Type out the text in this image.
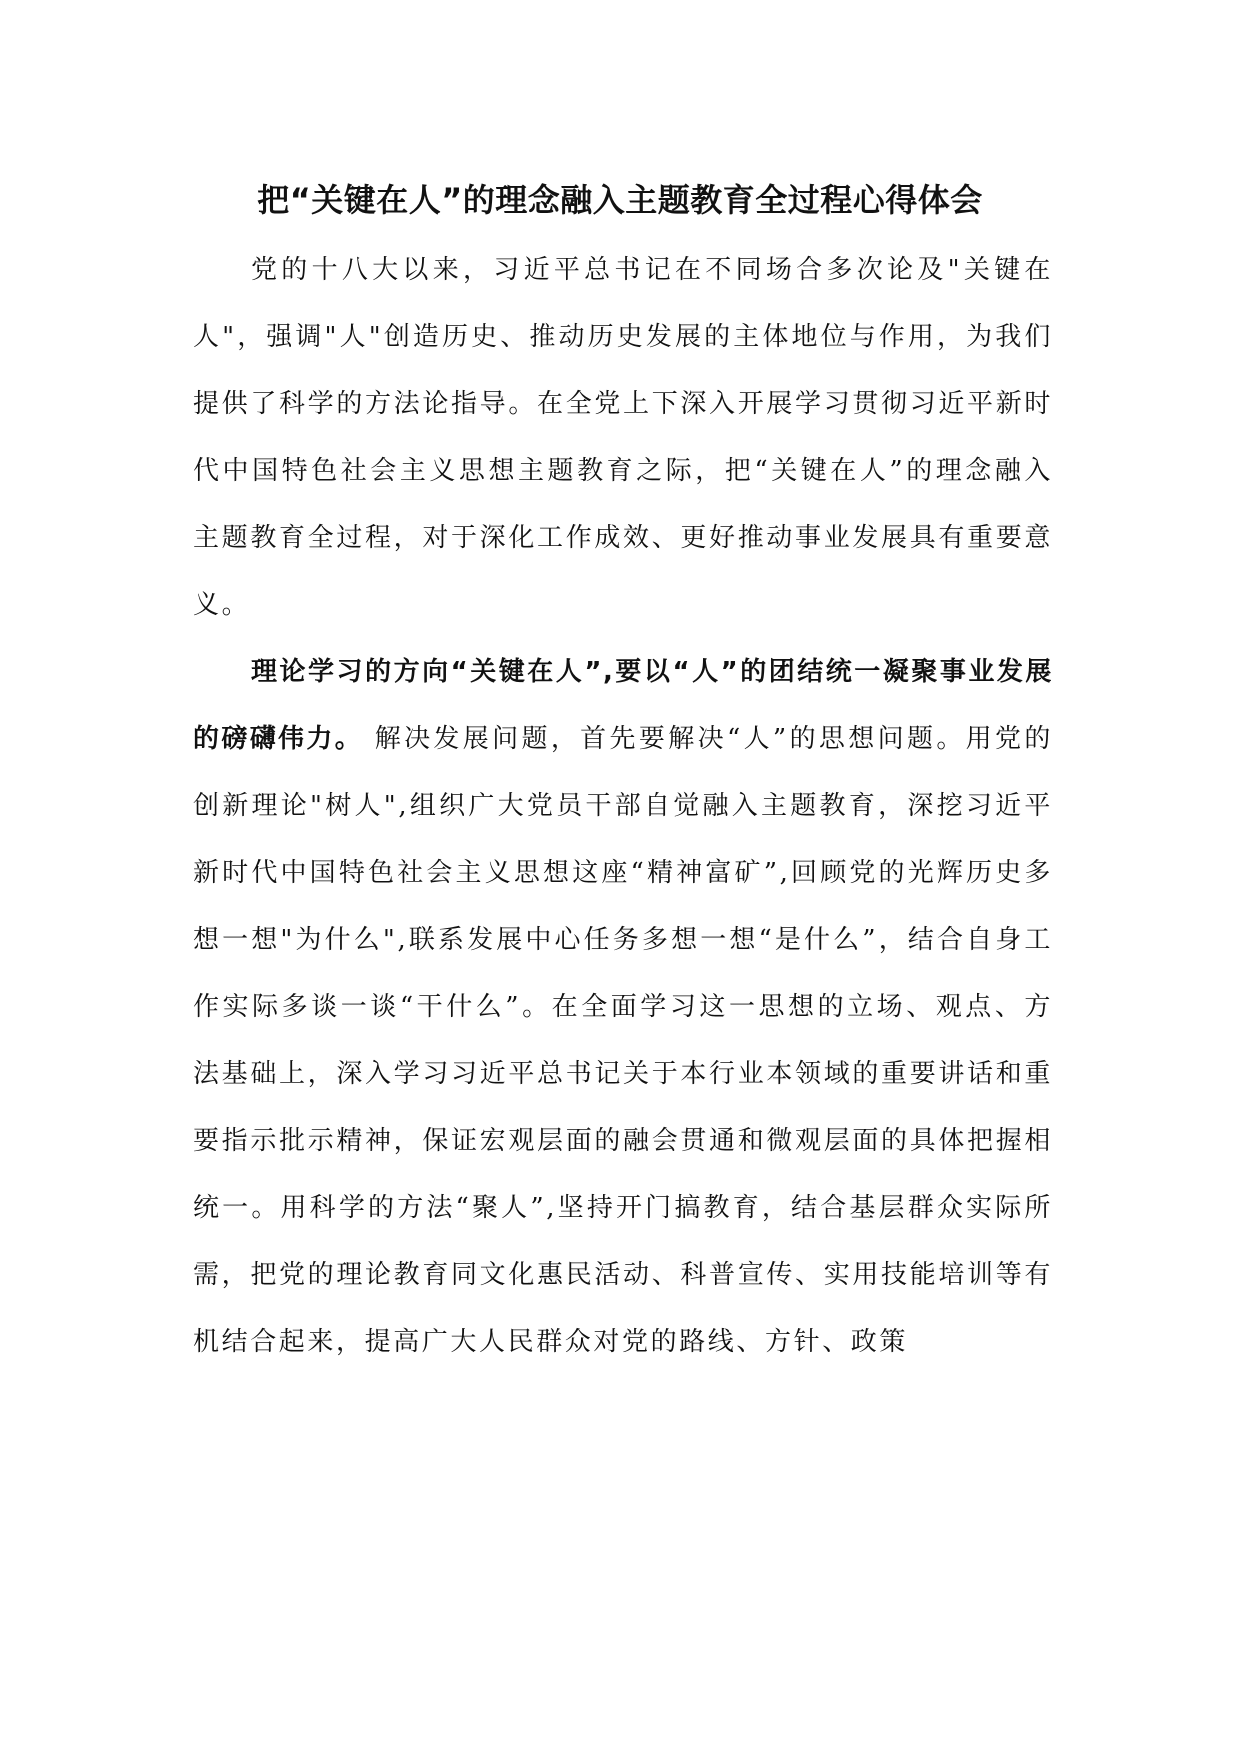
把“关键在人”的理念融入主题教育全过程心得体会

党的十八大以来，习近平总书记在不同场合多次论及"关键在人"，强调"人"创造历史、推动历史发展的主体地位与作用，为我们提供了科学的方法论指导。在全党上下深入开展学习贯彻习近平新时代中国特色社会主义思想主题教育之际，把“关键在人”的理念融入主题教育全过程，对于深化工作成效、更好推动事业发展具有重要意义。

理论学习的方向“关键在人”,要以“人”的团结统一凝聚事业发展的磅礴伟力。 解决发展问题，首先要解决“人”的思想问题。用党的创新理论"树人",组织广大党员干部自觉融入主题教育，深挖习近平新时代中国特色社会主义思想这座“精神富矿”,回顾党的光辉历史多想一想"为什么",联系发展中心任务多想一想“是什么”，结合自身工作实际多谈一谈“干什么”。在全面学习这一思想的立场、观点、方法基础上，深入学习习近平总书记关于本行业本领域的重要讲话和重要指示批示精神，保证宏观层面的融会贯通和微观层面的具体把握相统一。用科学的方法“聚人”,坚持开门搞教育，结合基层群众实际所需，把党的理论教育同文化惠民活动、科普宣传、实用技能培训等有机结合起来，提高广大人民群众对党的路线、方针、政策
